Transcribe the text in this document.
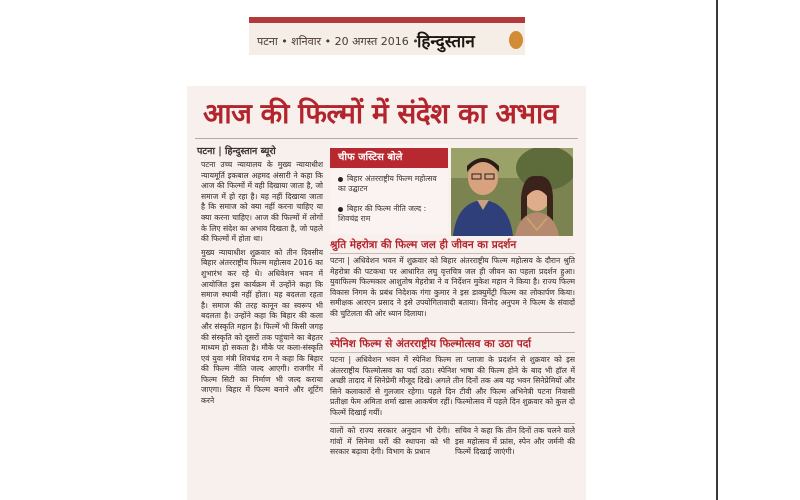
पटना • शनिवार • 20 अगस्त 2016 •
हिन्दुस्तान
आज की फिल्मों में संदेश का अभाव
पटना | हिन्दुस्तान ब्यूरो

पटना उच्च न्यायालय के मुख्य न्यायाधीश न्यायमूर्ति इकबाल अहमद अंसारी ने कहा कि आज की फिल्मों में वही दिखाया जाता है, जो समाज में हो रहा है। यह नहीं दिखाया जाता है कि समाज को क्या नहीं करना चाहिए या क्या करना चाहिए। आज की फिल्मों में लोगों के लिए संदेश का अभाव दिखता है, जो पहले की फिल्मों में होता था।

मुख्य न्यायाधीश शुक्रवार को तीन दिवसीय बिहार अंतरराष्ट्रीय फिल्म महोत्सव 2016 का शुभारंभ कर रहे थे। अधिवेशन भवन में आयोजित इस कार्यक्रम में उन्होंने कहा कि समाज स्थायी नहीं होता। यह बदलता रहता है। समाज की तरह कानून का स्वरूप भी बदलता है। उन्होंने कहा कि बिहार की कला और संस्कृति महान है। फिल्में भी किसी जगह की संस्कृति को दूसरों तक पहुंचाने का बेहतर माध्यम हो सकता है। मौके पर कला-संस्कृति एवं युवा मंत्री शिवचंद्र राम ने कहा कि बिहार की फिल्म नीति जल्द आएगी। राजगीर में फिल्म सिटी का निर्माण भी जल्द कराया जाएगा। बिहार में फिल्म बनाने और शूटिंग करने

चीफ जस्टिस बोले
बिहार अंतरराष्ट्रीय फिल्म महोत्सव का उद्घाटन
बिहार की फिल्म नीति जल्द : शिवचंद्र राम
श्रुति मेहरोत्रा की फिल्म जल ही जीवन का प्रदर्शन
पटना | अधिवेशन भवन में शुक्रवार को बिहार अंतरराष्ट्रीय फिल्म महोत्सव के दौरान श्रुति मेहरोत्रा की पटकथा पर आधारित लघु वृत्तचित्र जल ही जीवन का पहला प्रदर्शन हुआ। युवाफिल्म फिल्मकार आशुतोष मेहरोत्रा ने व निर्देशन मुकेश महान ने किया है। राज्य फिल्म विकास निगम के प्रबंध निदेशक गंगा कुमार ने इस डाक्युमेंट्री फिल्म का लोकार्पण किया। समीक्षक आरएन प्रसाद ने इसे उपयोगितावादी बताया। विनोद अनुपम ने फिल्म के संवादों की चुटिलता की ओर ध्यान दिलाया।
स्पेनिश फिल्म से अंतरराष्ट्रीय फिल्मोत्सव का उठा पर्दा
पटना | अधिवेशन भवन में स्पेनिश फिल्म ला प्लाजा के प्रदर्शन से शुक्रवार को इस अंतरराष्ट्रीय फिल्मोत्सव का पर्दा उठा। स्पेनिश भाषा की फिल्म होने के बाद भी हॉल में अच्छी तादाद में सिनेप्रेमी मौजूद दिखे। अगले तीन दिनों तक अब यह भवन सिनेप्रेमियों और सिने कलाकारों से गुलजार रहेगा। पहले दिन टीवी और फिल्म अभिनेत्री पटना निवासी प्रतीक्षा फेम अमिता शर्मा खास आकर्षण रहीं। फिल्मोत्सव में पहले दिन शुक्रवार को कुल दो फिल्में दिखाई गयीं।
वालों को राज्य सरकार अनुदान भी देगी। गांवों में सिनेमा घरों की स्थापना को भी सरकार बढ़ावा देगी। विभाग के प्रधान
सचिव ने कहा कि तीन दिनों तक चलने वाले इस महोत्सव में फ्रांस, स्पेन और जर्मनी की फिल्में दिखाई जाएंगी।
